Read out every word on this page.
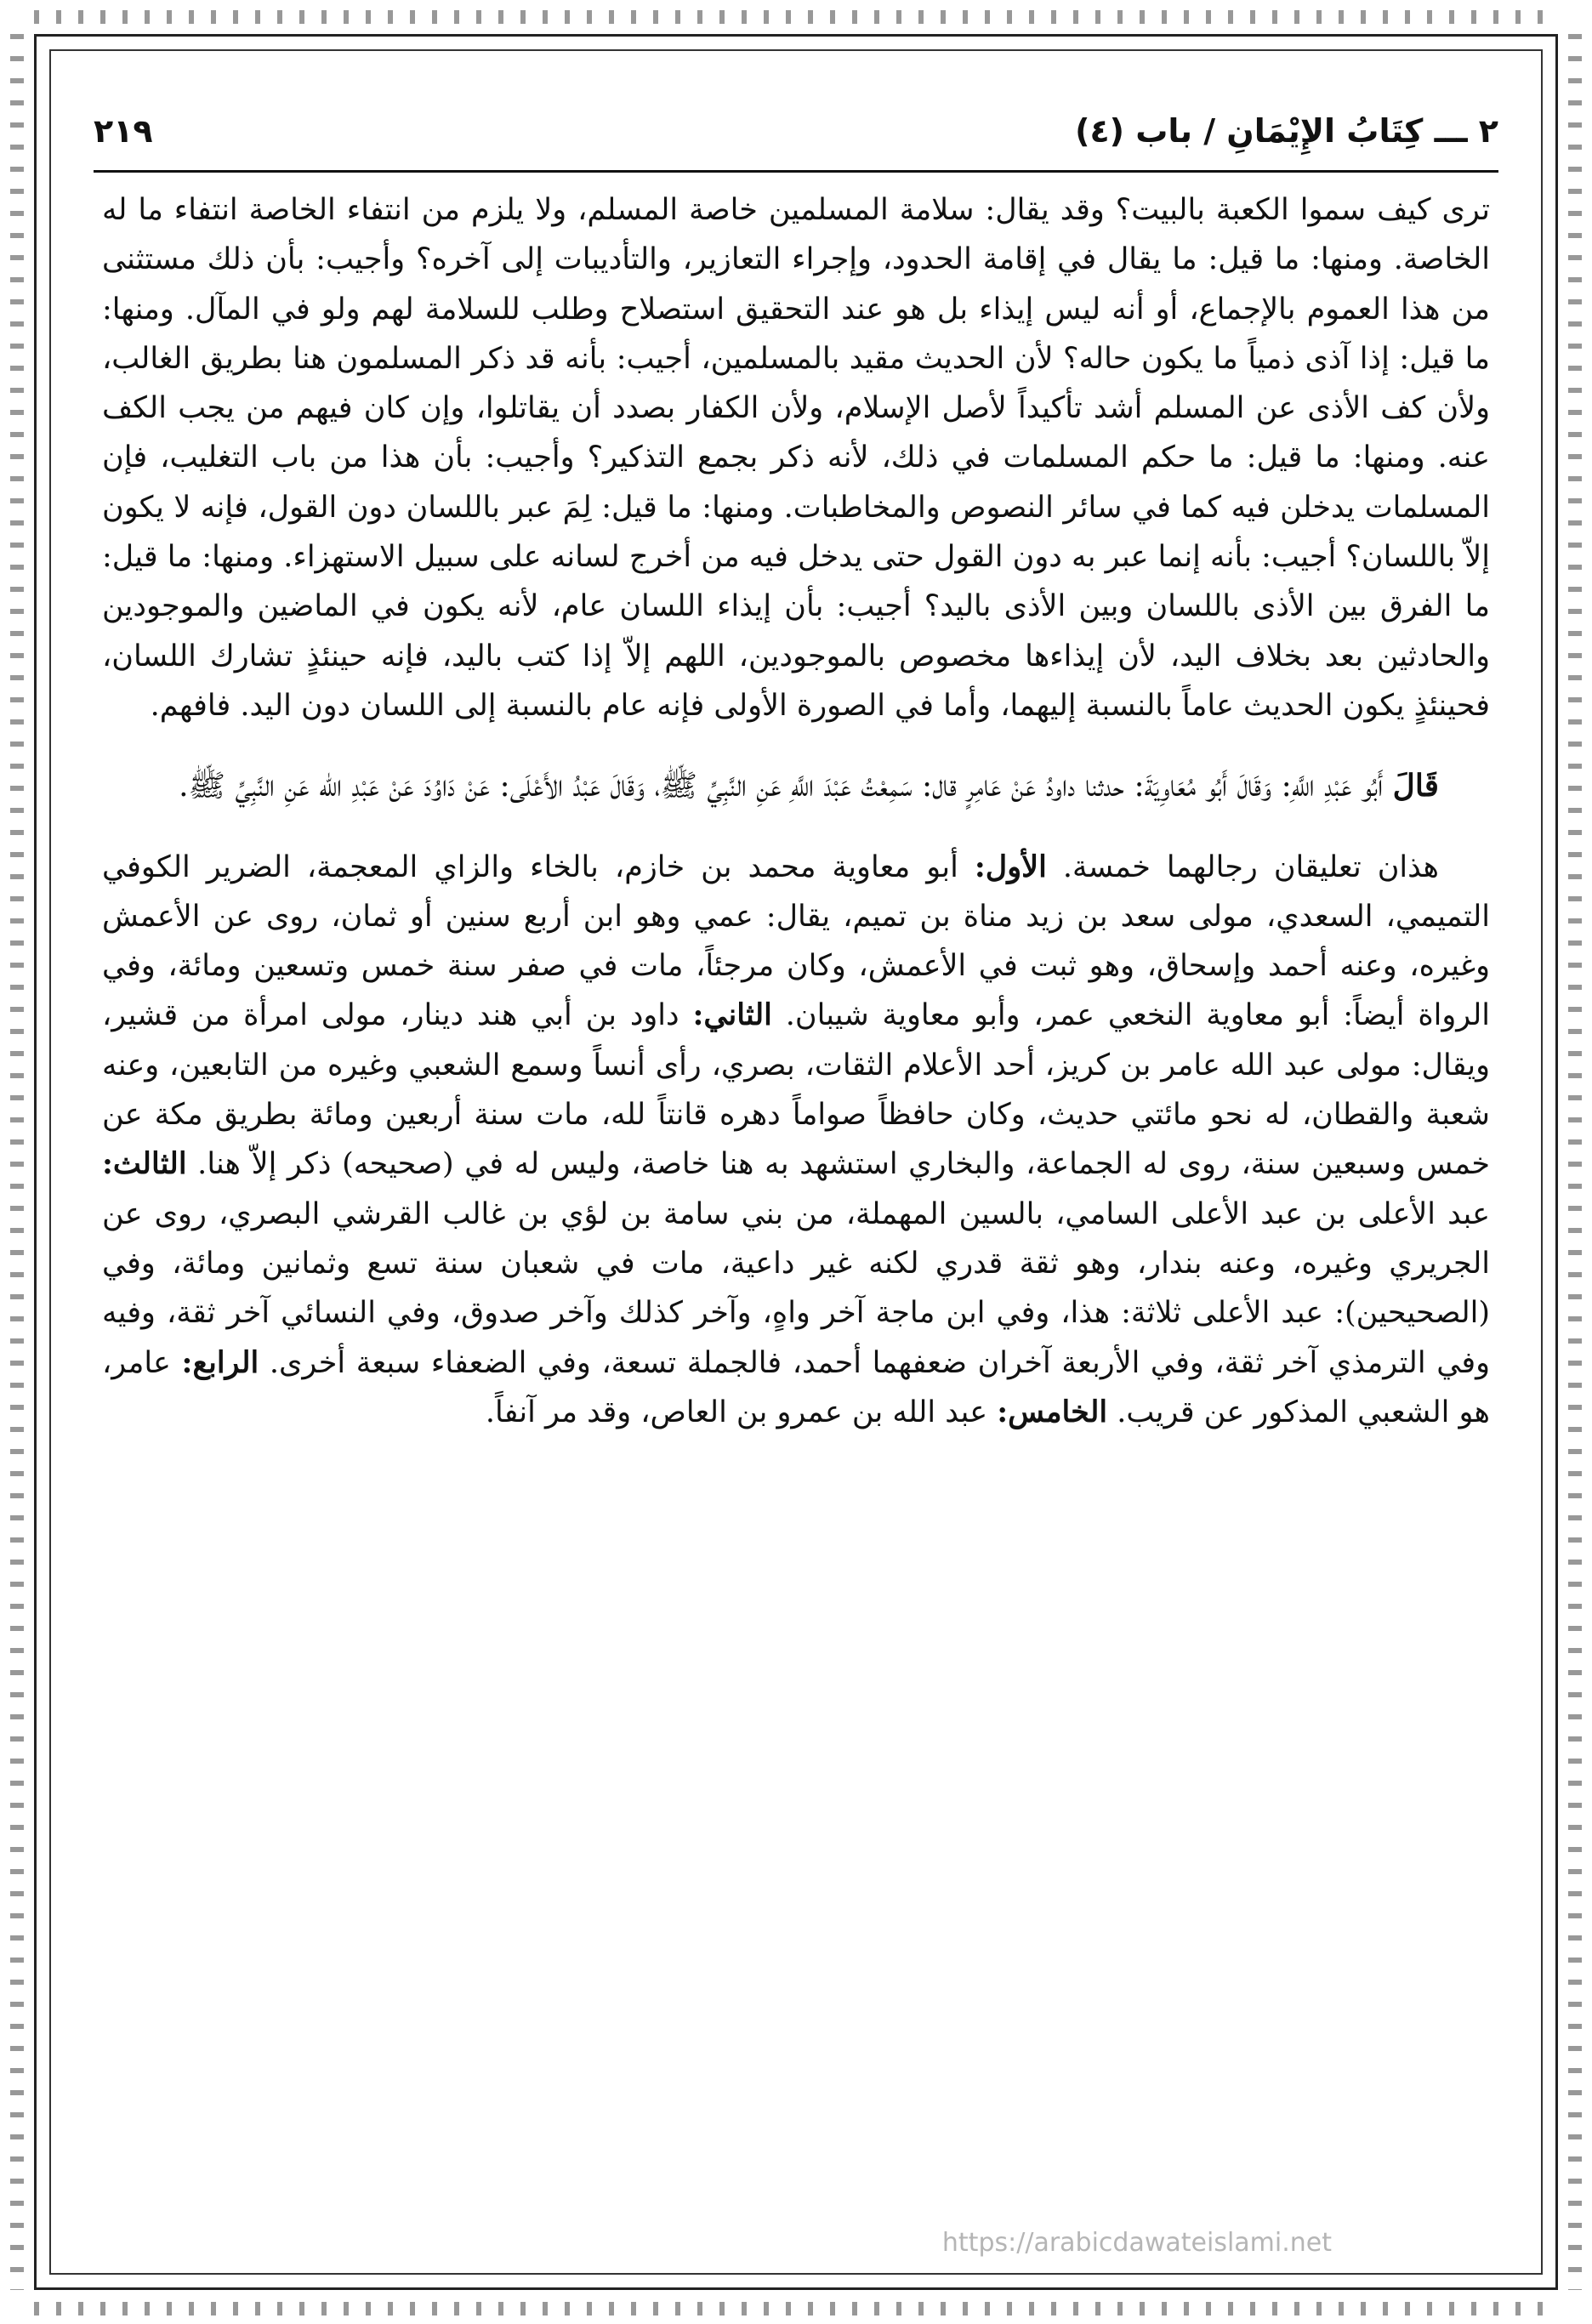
٢ ـــ كِتَابُ الإِيْمَانِ / باب (٤)
٢١٩

ترى كيف سموا الكعبة بالبيت؟ وقد يقال: سلامة المسلمين خاصة المسلم، ولا يلزم من انتفاء الخاصة انتفاء ما له الخاصة. ومنها: ما قيل: ما يقال في إقامة الحدود، وإجراء التعازير، والتأديبات إلى آخره؟ وأجيب: بأن ذلك مستثنى من هذا العموم بالإجماع، أو أنه ليس إيذاء بل هو عند التحقيق استصلاح وطلب للسلامة لهم ولو في المآل. ومنها: ما قيل: إذا آذى ذمياً ما يكون حاله؟ لأن الحديث مقيد بالمسلمين، أجيب: بأنه قد ذكر المسلمون هنا بطريق الغالب، ولأن كف الأذى عن المسلم أشد تأكيداً لأصل الإسلام، ولأن الكفار بصدد أن يقاتلوا، وإن كان فيهم من يجب الكف عنه. ومنها: ما قيل: ما حكم المسلمات في ذلك، لأنه ذكر بجمع التذكير؟ وأجيب: بأن هذا من باب التغليب، فإن المسلمات يدخلن فيه كما في سائر النصوص والمخاطبات. ومنها: ما قيل: لِمَ عبر باللسان دون القول، فإنه لا يكون إلاّ باللسان؟ أجيب: بأنه إنما عبر به دون القول حتى يدخل فيه من أخرج لسانه على سبيل الاستهزاء. ومنها: ما قيل: ما الفرق بين الأذى باللسان وبين الأذى باليد؟ أجيب: بأن إيذاء اللسان عام، لأنه يكون في الماضين والموجودين والحادثين بعد بخلاف اليد، لأن إيذاءها مخصوص بالموجودين، اللهم إلاّ إذا كتب باليد، فإنه حينئذٍ تشارك اللسان، فحينئذٍ يكون الحديث عاماً بالنسبة إليهما، وأما في الصورة الأولى فإنه عام بالنسبة إلى اللسان دون اليد. فافهم.

قَالَ أَبُو عَبْدِ اللَّهِ: وَقَالَ أَبُو مُعَاوِيَةَ: حدثنا داودُ عَنْ عَامِرٍ قال: سَمِعْتُ عَبْدَ اللَّهِ عَنِ النَّبِيِّ ﷺ، وَقَالَ عَبْدُ الأَعْلَى: عَنْ دَاوُدَ عَنْ عَبْدِ الله عَنِ النَّبِيِّ ﷺ.

هذان تعليقان رجالهما خمسة. الأول: أبو معاوية محمد بن خازم، بالخاء والزاي المعجمة، الضرير الكوفي التميمي، السعدي، مولى سعد بن زيد مناة بن تميم، يقال: عمي وهو ابن أربع سنين أو ثمان، روى عن الأعمش وغيره، وعنه أحمد وإسحاق، وهو ثبت في الأعمش، وكان مرجئاً، مات في صفر سنة خمس وتسعين ومائة، وفي الرواة أيضاً: أبو معاوية النخعي عمر، وأبو معاوية شيبان. الثاني: داود بن أبي هند دينار، مولى امرأة من قشير، ويقال: مولى عبد الله عامر بن كريز، أحد الأعلام الثقات، بصري، رأى أنساً وسمع الشعبي وغيره من التابعين، وعنه شعبة والقطان، له نحو مائتي حديث، وكان حافظاً صواماً دهره قانتاً لله، مات سنة أربعين ومائة بطريق مكة عن خمس وسبعين سنة، روى له الجماعة، والبخاري استشهد به هنا خاصة، وليس له في (صحيحه) ذكر إلاّ هنا. الثالث: عبد الأعلى بن عبد الأعلى السامي، بالسين المهملة، من بني سامة بن لؤي بن غالب القرشي البصري، روى عن الجريري وغيره، وعنه بندار، وهو ثقة قدري لكنه غير داعية، مات في شعبان سنة تسع وثمانين ومائة، وفي (الصحيحين): عبد الأعلى ثلاثة: هذا، وفي ابن ماجة آخر واهٍ، وآخر كذلك وآخر صدوق، وفي النسائي آخر ثقة، وفيه وفي الترمذي آخر ثقة، وفي الأربعة آخران ضعفهما أحمد، فالجملة تسعة، وفي الضعفاء سبعة أخرى. الرابع: عامر، هو الشعبي المذكور عن قريب. الخامس: عبد الله بن عمرو بن العاص، وقد مر آنفاً.

https://arabicdawateislami.net
